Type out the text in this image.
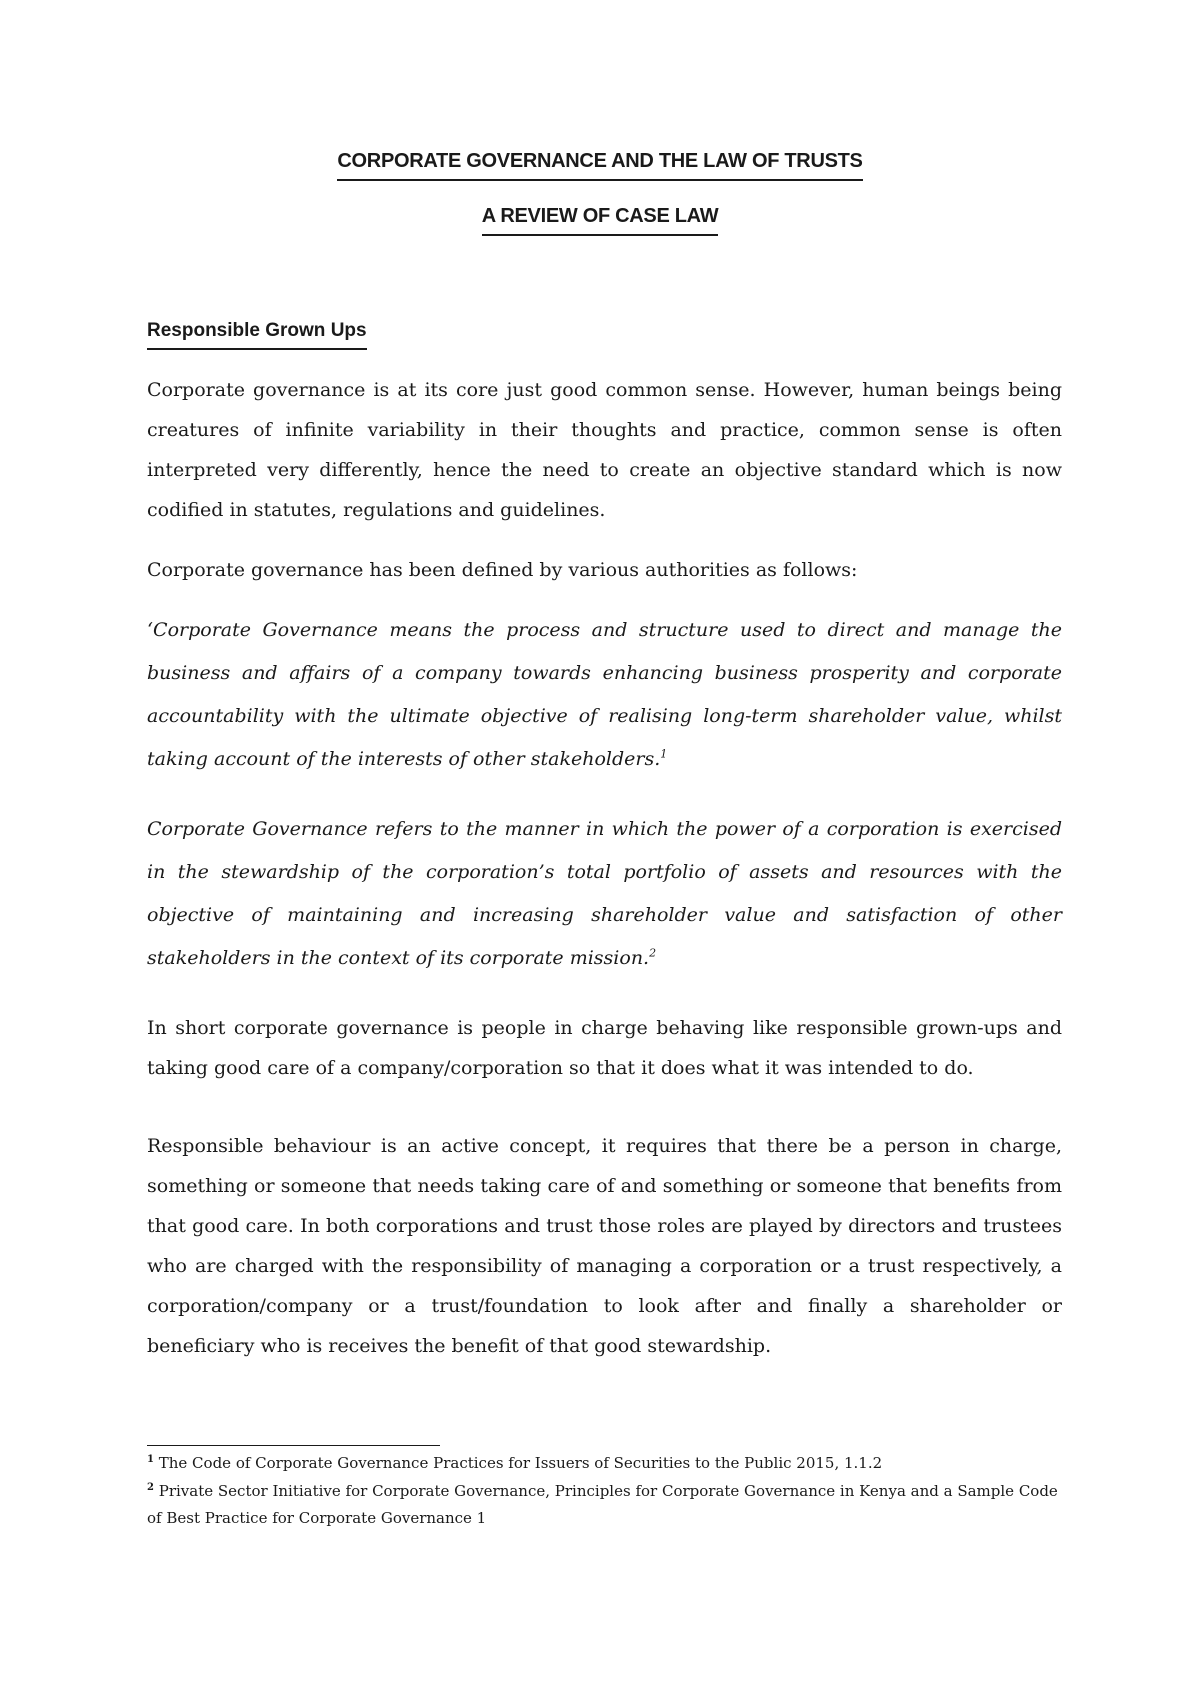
CORPORATE GOVERNANCE AND THE LAW OF TRUSTS
A REVIEW OF CASE LAW
Responsible Grown Ups

Corporate governance is at its core just good common sense. However, human beings being creatures of infinite variability in their thoughts and practice, common sense is often interpreted very differently, hence the need to create an objective standard which is now codified in statutes, regulations and guidelines.

Corporate governance has been defined by various authorities as follows:

‘Corporate Governance means the process and structure used to direct and manage the business and affairs of a company towards enhancing business prosperity and corporate accountability with the ultimate objective of realising long-term shareholder value, whilst taking account of the interests of other stakeholders.$^1$

Corporate Governance refers to the manner in which the power of a corporation is exercised in the stewardship of the corporation’s total portfolio of assets and resources with the objective of maintaining and increasing shareholder value and satisfaction of other stakeholders in the context of its corporate mission.$^2$

In short corporate governance is people in charge behaving like responsible grown-ups and taking good care of a company/corporation so that it does what it was intended to do.

Responsible behaviour is an active concept, it requires that there be a person in charge, something or someone that needs taking care of and something or someone that benefits from that good care. In both corporations and trust those roles are played by directors and trustees who are charged with the responsibility of managing a corporation or a trust respectively, a corporation/company or a trust/foundation to look after and finally a shareholder or beneficiary who is receives the benefit of that good stewardship.

$^1$ The Code of Corporate Governance Practices for Issuers of Securities to the Public 2015, 1.1.2

$^2$ Private Sector Initiative for Corporate Governance, Principles for Corporate Governance in Kenya and a Sample Code of Best Practice for Corporate Governance 1
